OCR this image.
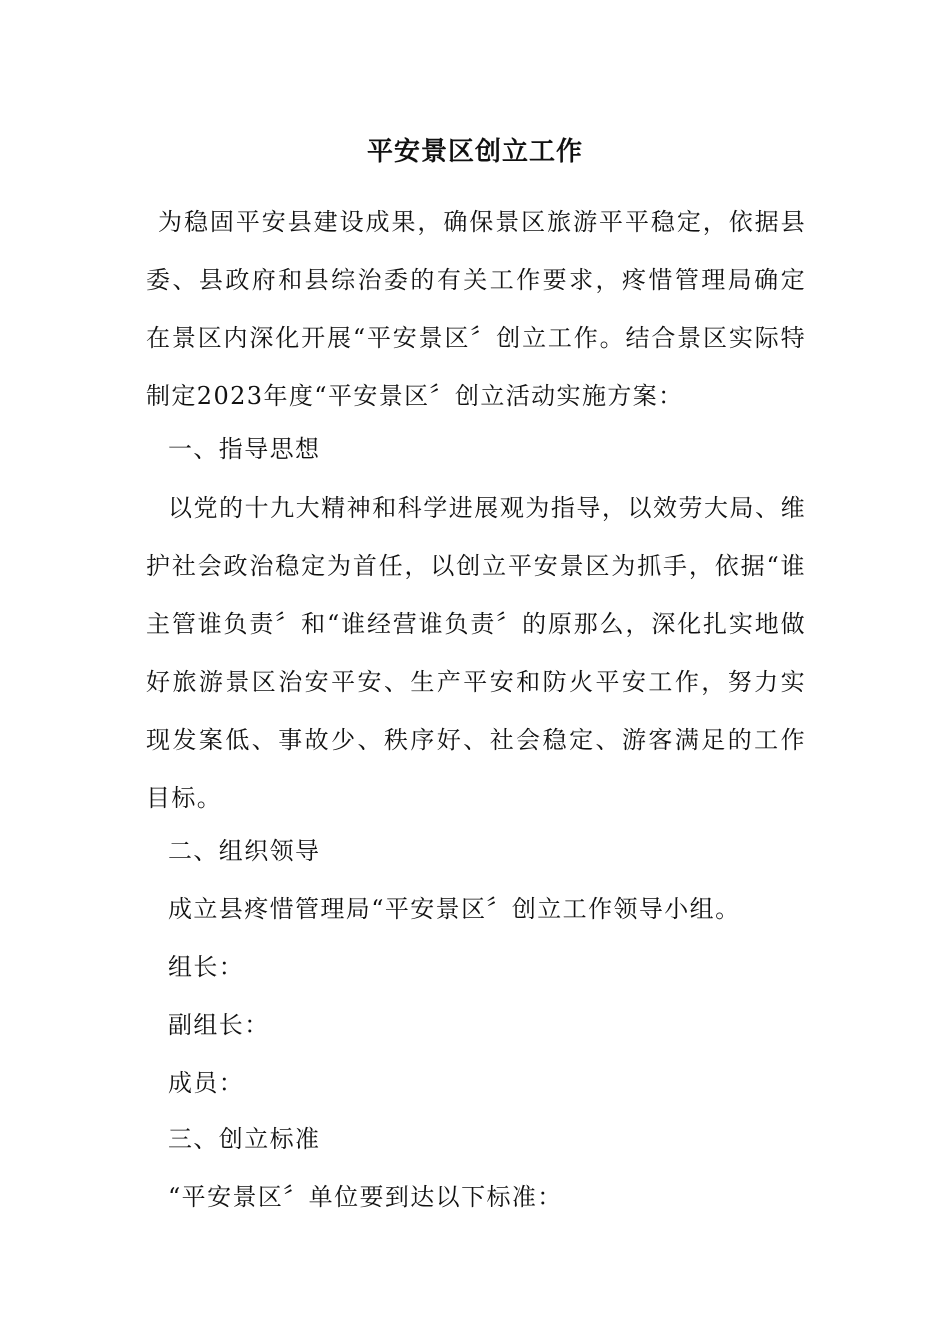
平安景区创立工作

为稳固平安县建设成果，确保景区旅游平平稳定，依据县委、县政府和县综治委的有关工作要求，疼惜管理局确定在景区内深化开展“平安景区〞创立工作。结合景区实际特制定2023年度“平安景区〞创立活动实施方案：

一、指导思想

以党的十九大精神和科学进展观为指导，以效劳大局、维护社会政治稳定为首任，以创立平安景区为抓手，依据“谁主管谁负责〞和“谁经营谁负责〞的原那么，深化扎实地做好旅游景区治安平安、生产平安和防火平安工作，努力实现发案低、事故少、秩序好、社会稳定、游客满足的工作目标。

二、组织领导
成立县疼惜管理局“平安景区〞创立工作领导小组。
组长：
副组长：
成员：
三、创立标准
“平安景区〞单位要到达以下标准：
